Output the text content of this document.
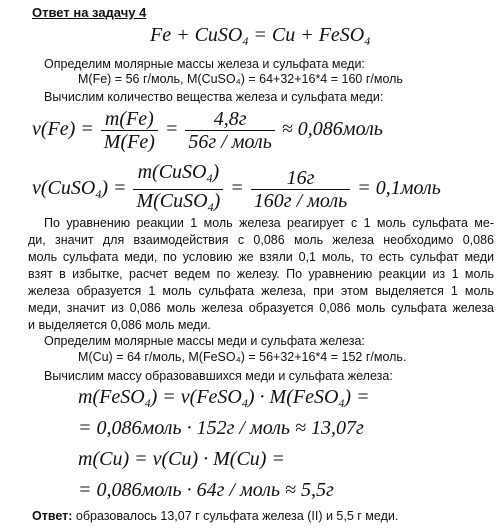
Ответ на задачу 4
Fe + CuSO$_4$ = Cu + FeSO$_4$
Определим молярные массы железа и сульфата меди:
M(Fe) = 56 г/моль, M(CuSO₄) = 64+32+16*4 = 160 г/моль
Вычислим количество вещества железа и сульфата меди:
$\nu(Fe) = \frac{m(Fe)}{M(Fe)} = \frac{4,8г}{\text{56г / моль}}$ ≈ 0,086моль
ν(CuSO$_4$) = $\frac{m(CuSO_4)}{M(CuSO_4)} = \frac{16г}{\text{160г / моль}}$ = 0,1моль
По уравнению реакции 1 моль железа реагирует с 1 моль сульфата ме-
ди, значит для взаимодействия с 0,086 моль железа необходимо 0,086
моль сульфата меди, по условию же взяли 0,1 моль, то есть сульфат меди
взят в избытке, расчет ведем по железу. По уравнению реакции из 1 моль
железа образуется 1 моль сульфата железа, при этом выделяется 1 моль
меди, значит из 0,086 моль железа образуется 0,086 моль сульфата железа
и выделяется 0,086 моль меди.
Определим молярные массы меди и сульфата железа:
M(Cu) = 64 г/моль, M(FeSO₄) = 56+32+16*4 = 152 г/моль.
Вычислим массу образовавшихся меди и сульфата железа:
m(FeSO$_4$) = ν(FeSO$_4$) · M(FeSO$_4$) =
= 0,086моль · 152г / моль ≈ 13,07г
m(Cu) = ν(Cu) · M(Cu) =
= 0,086моль · 64г / моль ≈ 5,5г
Ответ: образовалось 13,07 г сульфата железа (II) и 5,5 г меди.
